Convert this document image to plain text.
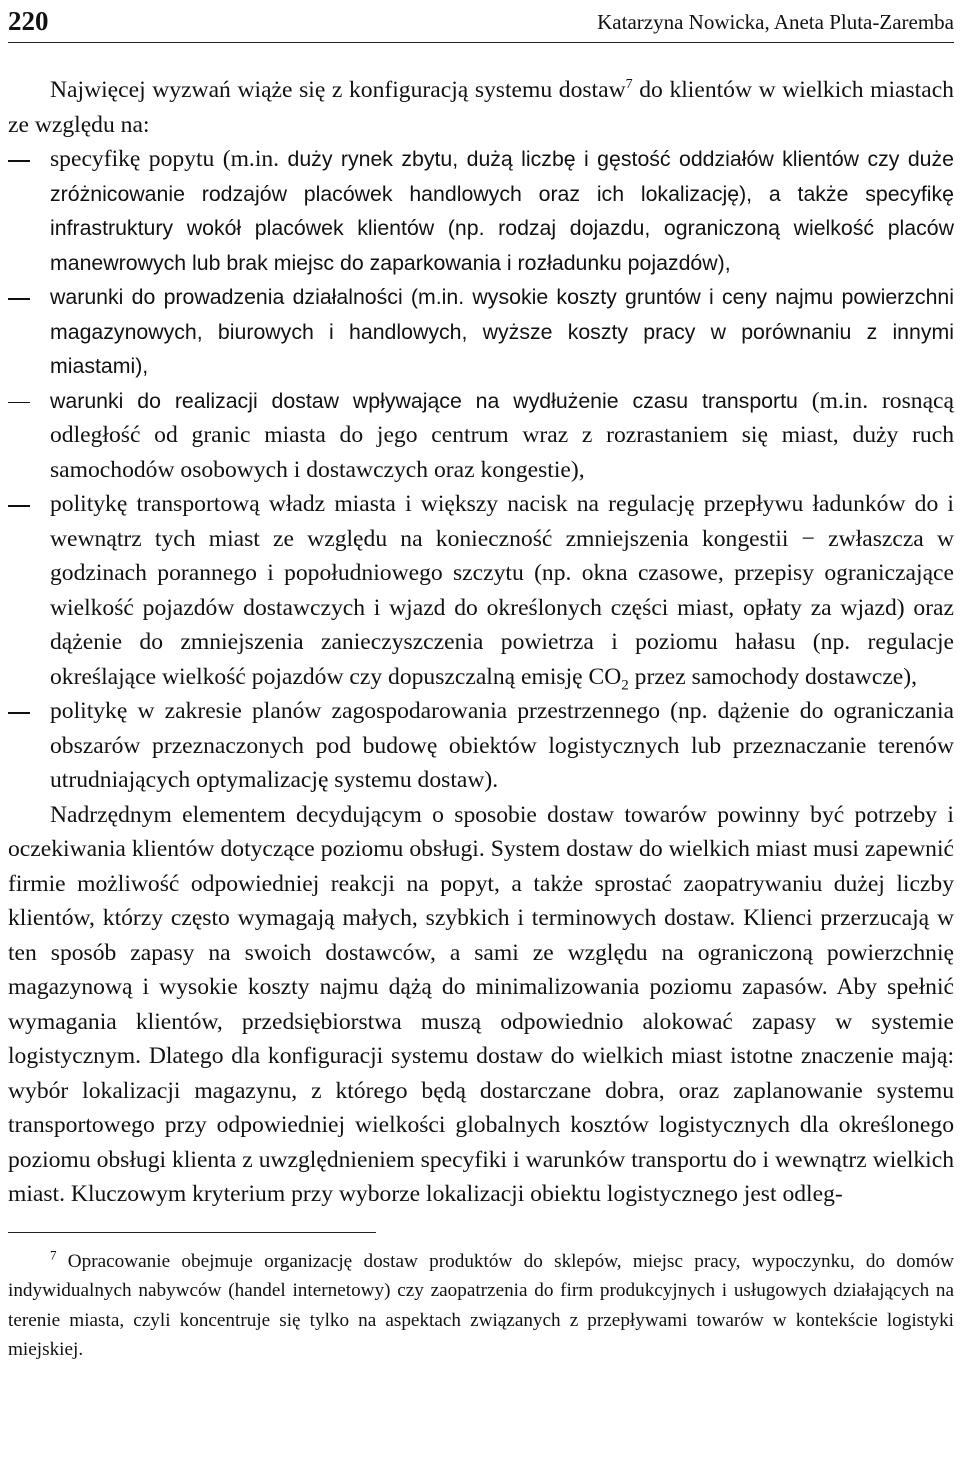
220	Katarzyna Nowicka, Aneta Pluta-Zaremba

Najwięcej wyzwań wiąże się z konfiguracją systemu dostaw$^7$ do klientów w wielkich miastach ze względu na:

specyfikę popytu (m.in. duży rynek zbytu, dużą liczbę i gęstość oddziałów klientów czy duże zróżnicowanie rodzajów placówek handlowych oraz ich lokalizację), a także specyfikę infrastruktury wokół placówek klientów (np. rodzaj dojazdu, ograniczoną wielkość placów manewrowych lub brak miejsc do zaparkowania i rozładunku pojazdów),
warunki do prowadzenia działalności (m.in. wysokie koszty gruntów i ceny najmu powierzchni magazynowych, biurowych i handlowych, wyższe koszty pracy w porównaniu z innymi miastami),
warunki do realizacji dostaw wpływające na wydłużenie czasu transportu (m.in. rosnącą odległość od granic miasta do jego centrum wraz z rozrastaniem się miast, duży ruch samochodów osobowych i dostawczych oraz kongestie),
politykę transportową władz miasta i większy nacisk na regulację przepływu ładunków do i wewnątrz tych miast ze względu na konieczność zmniejszenia kongestii − zwłaszcza w godzinach porannego i popołudniowego szczytu (np. okna czasowe, przepisy ograniczające wielkość pojazdów dostawczych i wjazd do określonych części miast, opłaty za wjazd) oraz dążenie do zmniejszenia zanieczyszczenia powietrza i poziomu hałasu (np. regulacje określające wielkość pojazdów czy dopuszczalną emisję $CO_2$ przez samochody dostawcze),
politykę w zakresie planów zagospodarowania przestrzennego (np. dążenie do ograniczania obszarów przeznaczonych pod budowę obiektów logistycznych lub przeznaczanie terenów utrudniających optymalizację systemu dostaw).

Nadrzędnym elementem decydującym o sposobie dostaw towarów powinny być potrzeby i oczekiwania klientów dotyczące poziomu obsługi. System dostaw do wielkich miast musi zapewnić firmie możliwość odpowiedniej reakcji na popyt, a także sprostać zaopatrywaniu dużej liczby klientów, którzy często wymagają małych, szybkich i terminowych dostaw. Klienci przerzucają w ten sposób zapasy na swoich dostawców, a sami ze względu na ograniczoną powierzchnię magazynową i wysokie koszty najmu dążą do minimalizowania poziomu zapasów. Aby spełnić wymagania klientów, przedsiębiorstwa muszą odpowiednio alokować zapasy w systemie logistycznym. Dlatego dla konfiguracji systemu dostaw do wielkich miast istotne znaczenie mają: wybór lokalizacji magazynu, z którego będą dostarczane dobra, oraz zaplanowanie systemu transportowego przy odpowiedniej wielkości globalnych kosztów logistycznych dla określonego poziomu obsługi klienta z uwzględnieniem specyfiki i warunków transportu do i wewnątrz wielkich miast. Kluczowym kryterium przy wyborze lokalizacji obiektu logistycznego jest odleg-

$^7$ Opracowanie obejmuje organizację dostaw produktów do sklepów, miejsc pracy, wypoczynku, do domów indywidualnych nabywców (handel internetowy) czy zaopatrzenia do firm produkcyjnych i usługowych działających na terenie miasta, czyli koncentruje się tylko na aspektach związanych z przepływami towarów w kontekście logistyki miejskiej.
